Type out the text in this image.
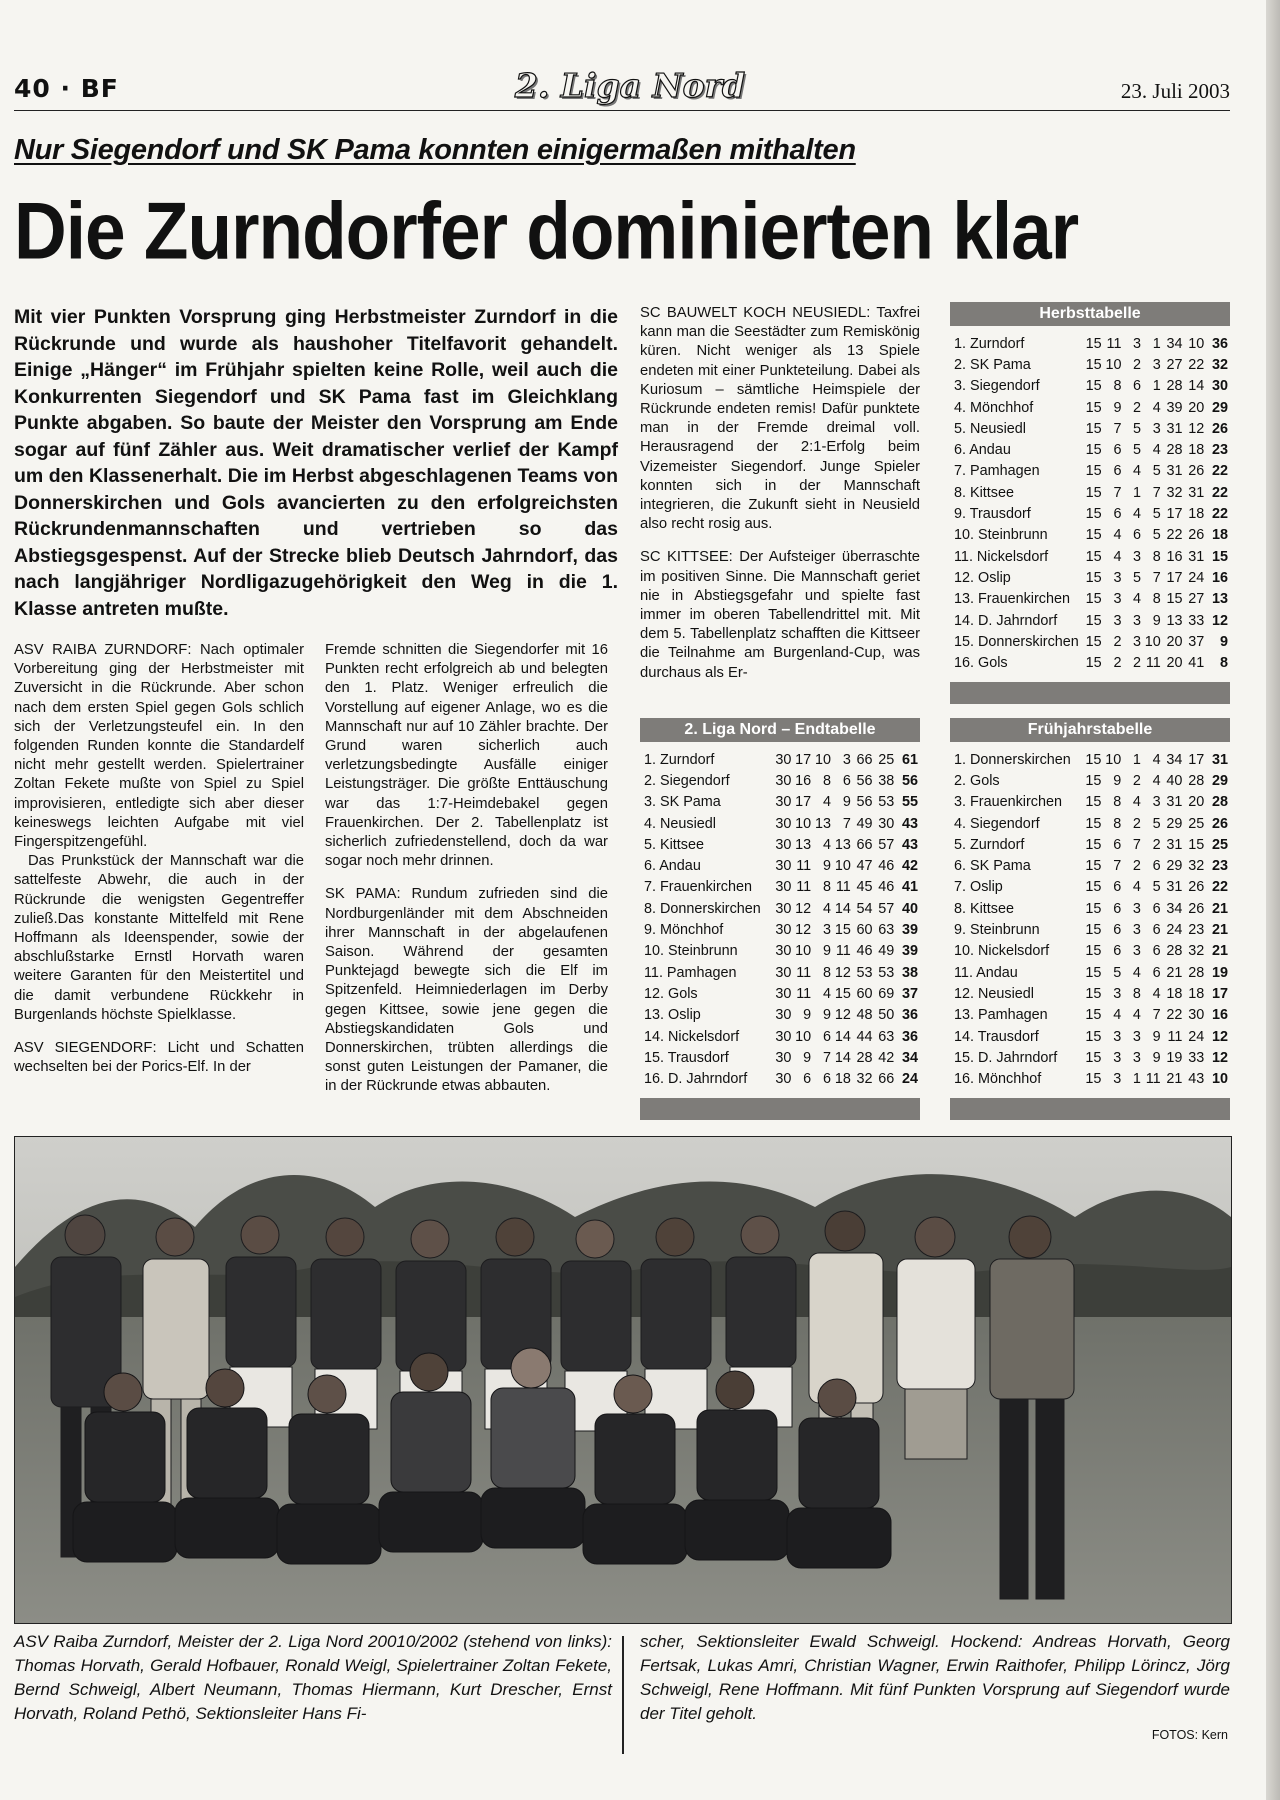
40 · BF	2. Liga Nord	23. Juli 2003
Nur Siegendorf und SK Pama konnten einigermaßen mithalten
Die Zurndorfer dominierten klar
Mit vier Punkten Vorsprung ging Herbstmeister Zurndorf in die Rückrunde und wurde als haushoher Titelfavorit gehandelt. Einige „Hänger“ im Frühjahr spielten keine Rolle, weil auch die Konkurrenten Siegendorf und SK Pama fast im Gleichklang Punkte abgaben. So baute der Meister den Vorsprung am Ende sogar auf fünf Zähler aus. Weit dramatischer verlief der Kampf um den Klassenerhalt. Die im Herbst abgeschlagenen Teams von Donnerskirchen und Gols avancierten zu den erfolgreichsten Rückrundenmannschaften und vertrieben so das Abstiegsgespenst. Auf der Strecke blieb Deutsch Jahrndorf, das nach langjähriger Nordligazugehörigkeit den Weg in die 1. Klasse antreten mußte.

ASV RAIBA ZURNDORF: Nach optimaler Vorbereitung ging der Herbstmeister mit Zuversicht in die Rückrunde. Aber schon nach dem ersten Spiel gegen Gols schlich sich der Verletzungsteufel ein. In den folgenden Runden konnte die Standardelf nicht mehr gestellt werden. Spielertrainer Zoltan Fekete mußte von Spiel zu Spiel improvisieren, entledigte sich aber dieser keineswegs leichten Aufgabe mit viel Fingerspitzengefühl.

Das Prunkstück der Mannschaft war die sattelfeste Abwehr, die auch in der Rückrunde die wenigsten Gegentreffer zuließ.Das konstante Mittelfeld mit Rene Hoffmann als Ideenspender, sowie der abschlußstarke Ernstl Horvath waren weitere Garanten für den Meistertitel und die damit verbundene Rückkehr in Burgenlands höchste Spielklasse.

ASV SIEGENDORF: Licht und Schatten wechselten bei der Porics-Elf. In der

Fremde schnitten die Siegendorfer mit 16 Punkten recht erfolgreich ab und belegten den 1. Platz. Weniger erfreulich die Vorstellung auf eigener Anlage, wo es die Mannschaft nur auf 10 Zähler brachte. Der Grund waren sicherlich auch verletzungsbedingte Ausfälle einiger Leistungsträger. Die größte Enttäuschung war das 1:7-Heimdebakel gegen Frauenkirchen. Der 2. Tabellenplatz ist sicherlich zufriedenstellend, doch da war sogar noch mehr drinnen.

SK PAMA: Rundum zufrieden sind die Nordburgenländer mit dem Abschneiden ihrer Mannschaft in der abgelaufenen Saison. Während der gesamten Punktejagd bewegte sich die Elf im Spitzenfeld. Heimniederlagen im Derby gegen Kittsee, sowie jene gegen die Abstiegskandidaten Gols und Donnerskirchen, trübten allerdings die sonst guten Leistungen der Pamaner, die in der Rückrunde etwas abbauten.

SC BAUWELT KOCH NEUSIEDL: Taxfrei kann man die Seestädter zum Remiskönig küren. Nicht weniger als 13 Spiele endeten mit einer Punkteteilung. Dabei als Kuriosum – sämtliche Heimspiele der Rückrunde endeten remis! Dafür punktete man in der Fremde dreimal voll. Herausragend der 2:1-Erfolg beim Vizemeister Siegendorf. Junge Spieler konnten sich in der Mannschaft integrieren, die Zukunft sieht in Neusield also recht rosig aus.

SC KITTSEE: Der Aufsteiger überraschte im positiven Sinne. Die Mannschaft geriet nie in Abstiegsgefahr und spielte fast immer im oberen Tabellendrittel mit. Mit dem 5. Tabellenplatz schafften die Kittseer die Teilnahme am Burgenland-Cup, was durchaus als Er-

Herbsttabelle
1. Zurndorf	15	11	3	1	34	10	36
2. SK Pama	15	10	2	3	27	22	32
3. Siegendorf	15	8	6	1	28	14	30
4. Mönchhof	15	9	2	4	39	20	29
5. Neusiedl	15	7	5	3	31	12	26
6. Andau	15	6	5	4	28	18	23
7. Pamhagen	15	6	4	5	31	26	22
8. Kittsee	15	7	1	7	32	31	22
9. Trausdorf	15	6	4	5	17	18	22
10. Steinbrunn	15	4	6	5	22	26	18
11. Nickelsdorf	15	4	3	8	16	31	15
12. Oslip	15	3	5	7	17	24	16
13. Frauenkirchen	15	3	4	8	15	27	13
14. D. Jahrndorf	15	3	3	9	13	33	12
15. Donnerskirchen	15	2	3	10	20	37	9
16. Gols	15	2	2	11	20	41	8
2. Liga Nord – Endtabelle
1. Zurndorf	30	17	10	3	66	25	61
2. Siegendorf	30	16	8	6	56	38	56
3. SK Pama	30	17	4	9	56	53	55
4. Neusiedl	30	10	13	7	49	30	43
5. Kittsee	30	13	4	13	66	57	43
6. Andau	30	11	9	10	47	46	42
7. Frauenkirchen	30	11	8	11	45	46	41
8. Donnerskirchen	30	12	4	14	54	57	40
9. Mönchhof	30	12	3	15	60	63	39
10. Steinbrunn	30	10	9	11	46	49	39
11. Pamhagen	30	11	8	12	53	53	38
12. Gols	30	11	4	15	60	69	37
13. Oslip	30	9	9	12	48	50	36
14. Nickelsdorf	30	10	6	14	44	63	36
15. Trausdorf	30	9	7	14	28	42	34
16. D. Jahrndorf	30	6	6	18	32	66	24
Frühjahrstabelle
1. Donnerskirchen	15	10	1	4	34	17	31
2. Gols	15	9	2	4	40	28	29
3. Frauenkirchen	15	8	4	3	31	20	28
4. Siegendorf	15	8	2	5	29	25	26
5. Zurndorf	15	6	7	2	31	15	25
6. SK Pama	15	7	2	6	29	32	23
7. Oslip	15	6	4	5	31	26	22
8. Kittsee	15	6	3	6	34	26	21
9. Steinbrunn	15	6	3	6	24	23	21
10. Nickelsdorf	15	6	3	6	28	32	21
11. Andau	15	5	4	6	21	28	19
12. Neusiedl	15	3	8	4	18	18	17
13. Pamhagen	15	4	4	7	22	30	16
14. Trausdorf	15	3	3	9	11	24	12
15. D. Jahrndorf	15	3	3	9	19	33	12
16. Mönchhof	15	3	1	11	21	43	10
ASV Raiba Zurndorf, Meister der 2. Liga Nord 20010/2002 (stehend von links): Thomas Horvath, Gerald Hofbauer, Ronald Weigl, Spielertrainer Zoltan Fekete, Bernd Schweigl, Albert Neumann, Thomas Hiermann, Kurt Drescher, Ernst Horvath, Roland Pethö, Sektionsleiter Hans Fi-
scher, Sektionsleiter Ewald Schweigl. Hockend: Andreas Horvath, Georg Fertsak, Lukas Amri, Christian Wagner, Erwin Raithofer, Philipp Lörincz, Jörg Schweigl, Rene Hoffmann. Mit fünf Punkten Vorsprung auf Siegendorf wurde der Titel geholt.
FOTOS: Kern
